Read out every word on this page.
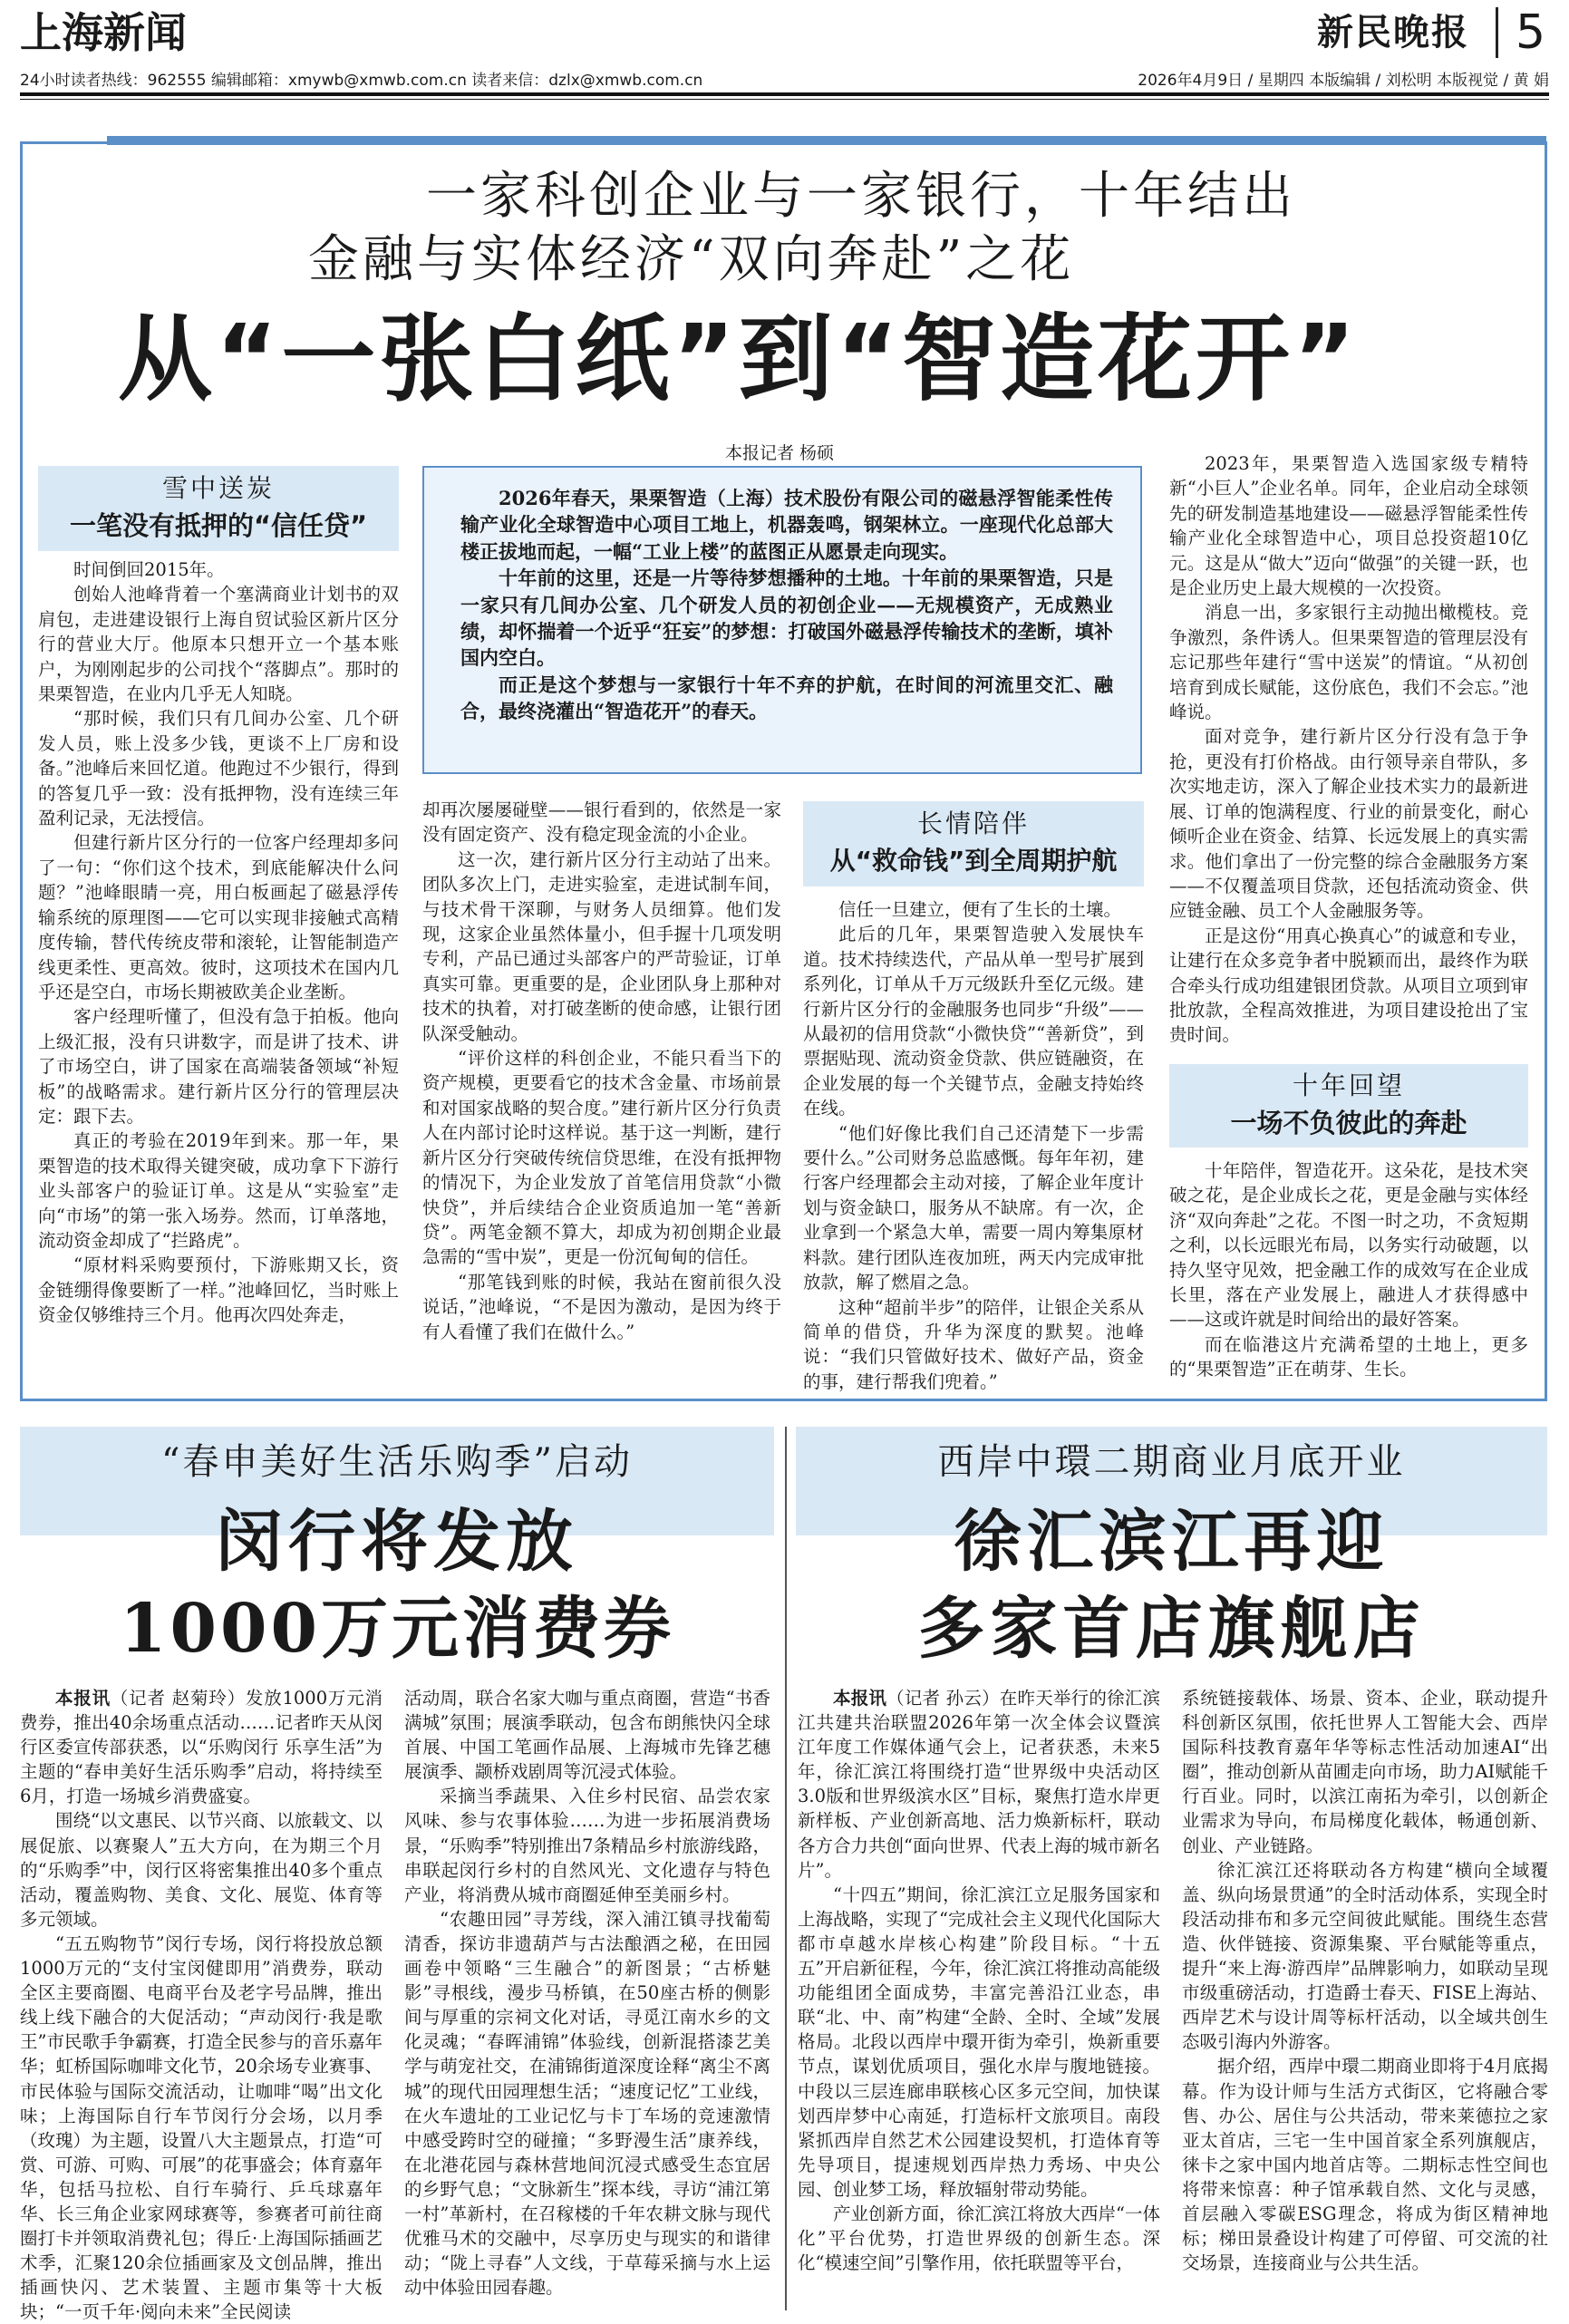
上海新闻	新民晚报 5
24小时读者热线：962555 编辑邮箱：xmywb@xmwb.com.cn 读者来信：dzlx@xmwb.com.cn	2026年4月9日 / 星期四 本版编辑 / 刘松明 本版视觉 / 黄 娟
一家科创企业与一家银行，十年结出
金融与实体经济“双向奔赴”之花
从“一张白纸”到“智造花开”
本报记者 杨硕

2026年春天，果栗智造（上海）技术股份有限公司的磁悬浮智能柔性传输产业化全球智造中心项目工地上，机器轰鸣，钢架林立。一座现代化总部大楼正拔地而起，一幅“工业上楼”的蓝图正从愿景走向现实。

十年前的这里，还是一片等待梦想播种的土地。十年前的果栗智造，只是一家只有几间办公室、几个研发人员的初创企业——无规模资产，无成熟业绩，却怀揣着一个近乎“狂妄”的梦想：打破国外磁悬浮传输技术的垄断，填补国内空白。

而正是这个梦想与一家银行十年不弃的护航，在时间的河流里交汇、融合，最终浇灌出“智造花开”的春天。

雪中送炭
一笔没有抵押的“信任贷”

时间倒回2015年。

创始人池峰背着一个塞满商业计划书的双肩包，走进建设银行上海自贸试验区新片区分行的营业大厅。他原本只想开立一个基本账户，为刚刚起步的公司找个“落脚点”。那时的果栗智造，在业内几乎无人知晓。

“那时候，我们只有几间办公室、几个研发人员，账上没多少钱，更谈不上厂房和设备。”池峰后来回忆道。他跑过不少银行，得到的答复几乎一致：没有抵押物，没有连续三年盈利记录，无法授信。

但建行新片区分行的一位客户经理却多问了一句：“你们这个技术，到底能解决什么问题？”池峰眼睛一亮，用白板画起了磁悬浮传输系统的原理图——它可以实现非接触式高精度传输，替代传统皮带和滚轮，让智能制造产线更柔性、更高效。彼时，这项技术在国内几乎还是空白，市场长期被欧美企业垄断。

客户经理听懂了，但没有急于拍板。他向上级汇报，没有只讲数字，而是讲了技术、讲了市场空白，讲了国家在高端装备领域“补短板”的战略需求。建行新片区分行的管理层决定：跟下去。

真正的考验在2019年到来。那一年，果栗智造的技术取得关键突破，成功拿下下游行业头部客户的验证订单。这是从“实验室”走向“市场”的第一张入场券。然而，订单落地，流动资金却成了“拦路虎”。

“原材料采购要预付，下游账期又长，资金链绷得像要断了一样。”池峰回忆，当时账上资金仅够维持三个月。他再次四处奔走，

却再次屡屡碰壁——银行看到的，依然是一家没有固定资产、没有稳定现金流的小企业。

这一次，建行新片区分行主动站了出来。团队多次上门，走进实验室，走进试制车间，与技术骨干深聊，与财务人员细算。他们发现，这家企业虽然体量小，但手握十几项发明专利，产品已通过头部客户的严苛验证，订单真实可靠。更重要的是，企业团队身上那种对技术的执着，对打破垄断的使命感，让银行团队深受触动。

“评价这样的科创企业，不能只看当下的资产规模，更要看它的技术含金量、市场前景和对国家战略的契合度。”建行新片区分行负责人在内部讨论时这样说。基于这一判断，建行新片区分行突破传统信贷思维，在没有抵押物的情况下，为企业发放了首笔信用贷款“小微快贷”，并后续结合企业资质追加一笔“善新贷”。两笔金额不算大，却成为初创期企业最急需的“雪中炭”，更是一份沉甸甸的信任。

“那笔钱到账的时候，我站在窗前很久没说话，”池峰说，“不是因为激动，是因为终于有人看懂了我们在做什么。”

长情陪伴
从“救命钱”到全周期护航

信任一旦建立，便有了生长的土壤。

此后的几年，果栗智造驶入发展快车道。技术持续迭代，产品从单一型号扩展到系列化，订单从千万元级跃升至亿元级。建行新片区分行的金融服务也同步“升级”——从最初的信用贷款“小微快贷”“善新贷”，到票据贴现、流动资金贷款、供应链融资，在企业发展的每一个关键节点，金融支持始终在线。

“他们好像比我们自己还清楚下一步需要什么。”公司财务总监感慨。每年年初，建行客户经理都会主动对接，了解企业年度计划与资金缺口，服务从不缺席。有一次，企业拿到一个紧急大单，需要一周内筹集原材料款。建行团队连夜加班，两天内完成审批放款，解了燃眉之急。

这种“超前半步”的陪伴，让银企关系从简单的借贷，升华为深度的默契。池峰说：“我们只管做好技术、做好产品，资金的事，建行帮我们兜着。”

2023年，果栗智造入选国家级专精特新“小巨人”企业名单。同年，企业启动全球领先的研发制造基地建设——磁悬浮智能柔性传输产业化全球智造中心，项目总投资超10亿元。这是从“做大”迈向“做强”的关键一跃，也是企业历史上最大规模的一次投资。

消息一出，多家银行主动抛出橄榄枝。竞争激烈，条件诱人。但果栗智造的管理层没有忘记那些年建行“雪中送炭”的情谊。“从初创培育到成长赋能，这份底色，我们不会忘。”池峰说。

面对竞争，建行新片区分行没有急于争抢，更没有打价格战。由行领导亲自带队，多次实地走访，深入了解企业技术实力的最新进展、订单的饱满程度、行业的前景变化，耐心倾听企业在资金、结算、长远发展上的真实需求。他们拿出了一份完整的综合金融服务方案——不仅覆盖项目贷款，还包括流动资金、供应链金融、员工个人金融服务等。

正是这份“用真心换真心”的诚意和专业，让建行在众多竞争者中脱颖而出，最终作为联合牵头行成功组建银团贷款。从项目立项到审批放款，全程高效推进，为项目建设抢出了宝贵时间。

十年回望
一场不负彼此的奔赴

十年陪伴，智造花开。这朵花，是技术突破之花，是企业成长之花，更是金融与实体经济“双向奔赴”之花。不图一时之功，不贪短期之利，以长远眼光布局，以务实行动破题，以持久坚守见效，把金融工作的成效写在企业成长里，落在产业发展上，融进人才获得感中——这或许就是时间给出的最好答案。

而在临港这片充满希望的土地上，更多的“果栗智造”正在萌芽、生长。

“春申美好生活乐购季”启动
闵行将发放
1000万元消费券
西岸中環二期商业月底开业
徐汇滨江再迎
多家首店旗舰店

本报讯（记者 赵菊玲）发放1000万元消费券，推出40余场重点活动……记者昨天从闵行区委宣传部获悉，以“乐购闵行 乐享生活”为主题的“春申美好生活乐购季”启动，将持续至6月，打造一场城乡消费盛宴。

围绕“以文惠民、以节兴商、以旅载文、以展促旅、以赛聚人”五大方向，在为期三个月的“乐购季”中，闵行区将密集推出40多个重点活动，覆盖购物、美食、文化、展览、体育等多元领域。

“五五购物节”闵行专场，闵行将投放总额1000万元的“支付宝闵健即用”消费券，联动全区主要商圈、电商平台及老字号品牌，推出线上线下融合的大促活动；“声动闵行·我是歌王”市民歌手争霸赛，打造全民参与的音乐嘉年华；虹桥国际咖啡文化节，20余场专业赛事、市民体验与国际交流活动，让咖啡“喝”出文化味；上海国际自行车节闵行分会场，以月季（玫瑰）为主题，设置八大主题景点，打造“可赏、可游、可购、可展”的花事盛会；体育嘉年华，包括马拉松、自行车骑行、乒乓球嘉年华、长三角企业家网球赛等，参赛者可前往商圈打卡并领取消费礼包；得丘·上海国际插画艺术季，汇聚120余位插画家及文创品牌，推出插画快闪、艺术装置、主题市集等十大板块；“一页千年·阅向未来”全民阅读

活动周，联合名家大咖与重点商圈，营造“书香满城”氛围；展演季联动，包含布朗熊快闪全球首展、中国工笔画作品展、上海城市先锋艺穗展演季、颛桥戏剧周等沉浸式体验。

采摘当季蔬果、入住乡村民宿、品尝农家风味、参与农事体验……为进一步拓展消费场景，“乐购季”特别推出7条精品乡村旅游线路，串联起闵行乡村的自然风光、文化遗存与特色产业，将消费从城市商圈延伸至美丽乡村。

“农趣田园”寻芳线，深入浦江镇寻找葡萄清香，探访非遗葫芦与古法酿酒之秘，在田园画卷中领略“三生融合”的新图景；“古桥魅影”寻根线，漫步马桥镇，在50座古桥的侧影间与厚重的宗祠文化对话，寻觅江南水乡的文化灵魂；“春晖浦锦”体验线，创新混搭漆艺美学与萌宠社交，在浦锦街道深度诠释“离尘不离城”的现代田园理想生活；“速度记忆”工业线，在火车遗址的工业记忆与卡丁车场的竞速激情中感受跨时空的碰撞；“多野漫生活”康养线，在北港花园与森林营地间沉浸式感受生态宜居的乡野气息；“文脉新生”探本线，寻访“浦江第一村”革新村，在召稼楼的千年农耕文脉与现代优雅马术的交融中，尽享历史与现实的和谐律动；“陇上寻春”人文线，于草莓采摘与水上运动中体验田园春趣。

本报讯（记者 孙云）在昨天举行的徐汇滨江共建共治联盟2026年第一次全体会议暨滨江年度工作媒体通气会上，记者获悉，未来5年，徐汇滨江将围绕打造“世界级中央活动区3.0版和世界级滨水区”目标，聚焦打造水岸更新样板、产业创新高地、活力焕新标杆，联动各方合力共创“面向世界、代表上海的城市新名片”。

“十四五”期间，徐汇滨江立足服务国家和上海战略，实现了“完成社会主义现代化国际大都市卓越水岸核心构建”阶段目标。“十五五”开启新征程，今年，徐汇滨江将推动高能级功能组团全面成势，丰富完善沿江业态，串联“北、中、南”构建“全龄、全时、全域”发展格局。北段以西岸中環开街为牵引，焕新重要节点，谋划优质项目，强化水岸与腹地链接。中段以三层连廊串联核心区多元空间，加快谋划西岸梦中心南延，打造标杆文旅项目。南段紧抓西岸自然艺术公园建设契机，打造体育等先导项目，提速规划西岸热力秀场、中央公园、创业梦工场，释放辐射带动势能。

产业创新方面，徐汇滨江将放大西岸“一体化”平台优势，打造世界级的创新生态。深化“模速空间”引擎作用，依托联盟等平台，

系统链接载体、场景、资本、企业，联动提升科创新区氛围，依托世界人工智能大会、西岸国际科技教育嘉年华等标志性活动加速AI“出圈”，推动创新从苗圃走向市场，助力AI赋能千行百业。同时，以滨江南拓为牵引，以创新企业需求为导向，布局梯度化载体，畅通创新、创业、产业链路。

徐汇滨江还将联动各方构建“横向全域覆盖、纵向场景贯通”的全时活动体系，实现全时段活动排布和多元空间彼此赋能。围绕生态营造、伙伴链接、资源集聚、平台赋能等重点，提升“来上海·游西岸”品牌影响力，如联动呈现市级重磅活动，打造爵士春天、FISE上海站、西岸艺术与设计周等标杆活动，以全域共创生态吸引海内外游客。

据介绍，西岸中環二期商业即将于4月底揭幕。作为设计师与生活方式街区，它将融合零售、办公、居住与公共活动，带来莱德拉之家亚太首店，三宅一生中国首家全系列旗舰店，徕卡之家中国内地首店等。二期标志性空间也将带来惊喜：种子馆承载自然、文化与灵感，首层融入零碳ESG理念，将成为街区精神地标；梯田景叠设计构建了可停留、可交流的社交场景，连接商业与公共生活。
